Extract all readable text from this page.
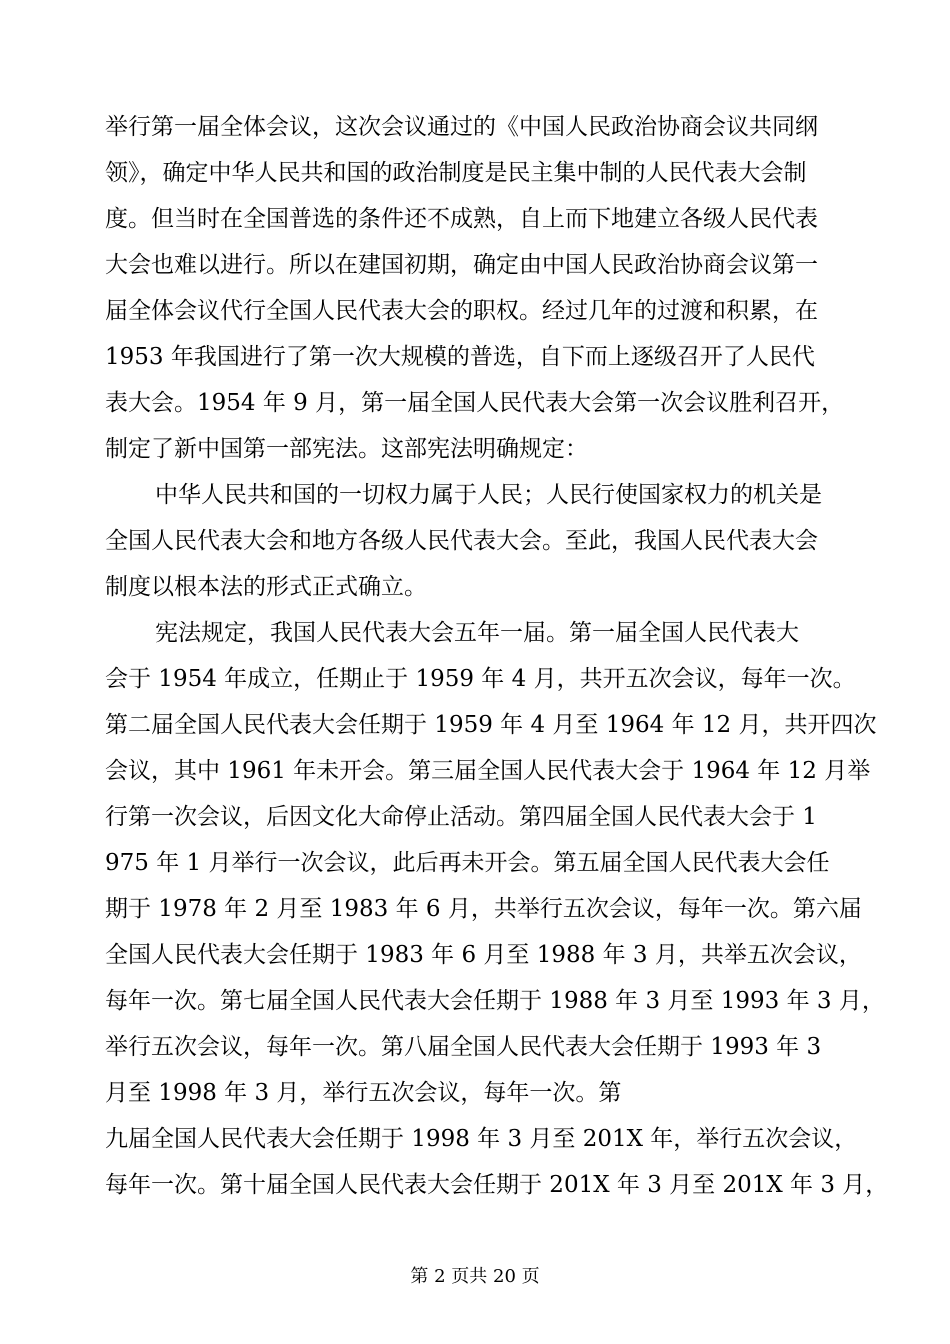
举行第一届全体会议，这次会议通过的《中国人民政治协商会议共同纲
领》，确定中华人民共和国的政治制度是民主集中制的人民代表大会制
度。但当时在全国普选的条件还不成熟，自上而下地建立各级人民代表
大会也难以进行。所以在建国初期，确定由中国人民政治协商会议第一
届全体会议代行全国人民代表大会的职权。经过几年的过渡和积累，在
1953 年我国进行了第一次大规模的普选，自下而上逐级召开了人民代
表大会。1954 年 9 月，第一届全国人民代表大会第一次会议胜利召开，
制定了新中国第一部宪法。这部宪法明确规定：
中华人民共和国的一切权力属于人民；人民行使国家权力的机关是
全国人民代表大会和地方各级人民代表大会。至此，我国人民代表大会
制度以根本法的形式正式确立。
宪法规定，我国人民代表大会五年一届。第一届全国人民代表大
会于 1954 年成立，任期止于 1959 年 4 月，共开五次会议，每年一次。
第二届全国人民代表大会任期于 1959 年 4 月至 1964 年 12 月，共开四次
会议，其中 1961 年未开会。第三届全国人民代表大会于 1964 年 12 月举
行第一次会议，后因文化大命停止活动。第四届全国人民代表大会于 1
975 年 1 月举行一次会议，此后再未开会。第五届全国人民代表大会任
期于 1978 年 2 月至 1983 年 6 月，共举行五次会议，每年一次。第六届
全国人民代表大会任期于 1983 年 6 月至 1988 年 3 月，共举五次会议，
每年一次。第七届全国人民代表大会任期于 1988 年 3 月至 1993 年 3 月，
举行五次会议，每年一次。第八届全国人民代表大会任期于 1993 年 3
月至 1998 年 3 月，举行五次会议，每年一次。第
九届全国人民代表大会任期于 1998 年 3 月至 201X 年，举行五次会议，
每年一次。第十届全国人民代表大会任期于 201X 年 3 月至 201X 年 3 月，
第 2 页共 20 页
